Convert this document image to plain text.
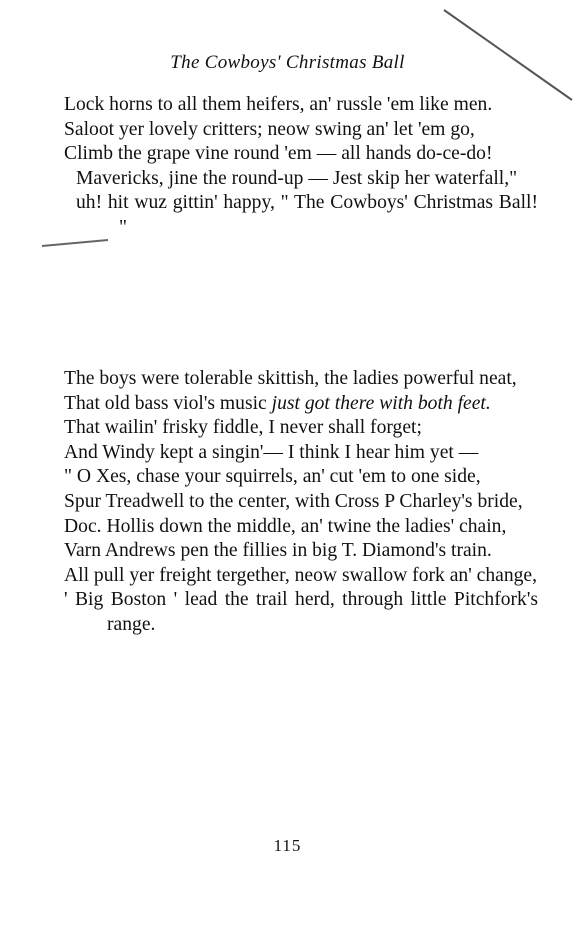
The Cowboys' Christmas Ball

Lock horns to all them heifers, an' russle 'em like men.

Saloot yer lovely critters; neow swing an' let 'em go,

Climb the grape vine round 'em — all hands do-ce-do!

Mavericks, jine the round-up — Jest skip her waterfall,"

uh! hit wuz gittin' happy, " The Cowboys' Christmas Ball! "

The boys were tolerable skittish, the ladies powerful neat,

That old bass viol's music just got there with both feet.

That wailin' frisky fiddle, I never shall forget;

And Windy kept a singin'— I think I hear him yet —

" O Xes, chase your squirrels, an' cut 'em to one side,

Spur Treadwell to the center, with Cross P Charley's bride,

Doc. Hollis down the middle, an' twine the ladies' chain,

Varn Andrews pen the fillies in big T. Diamond's train.

All pull yer freight tergether, neow swallow fork an' change,

' Big Boston ' lead the trail herd, through little Pitchfork's range.

115
